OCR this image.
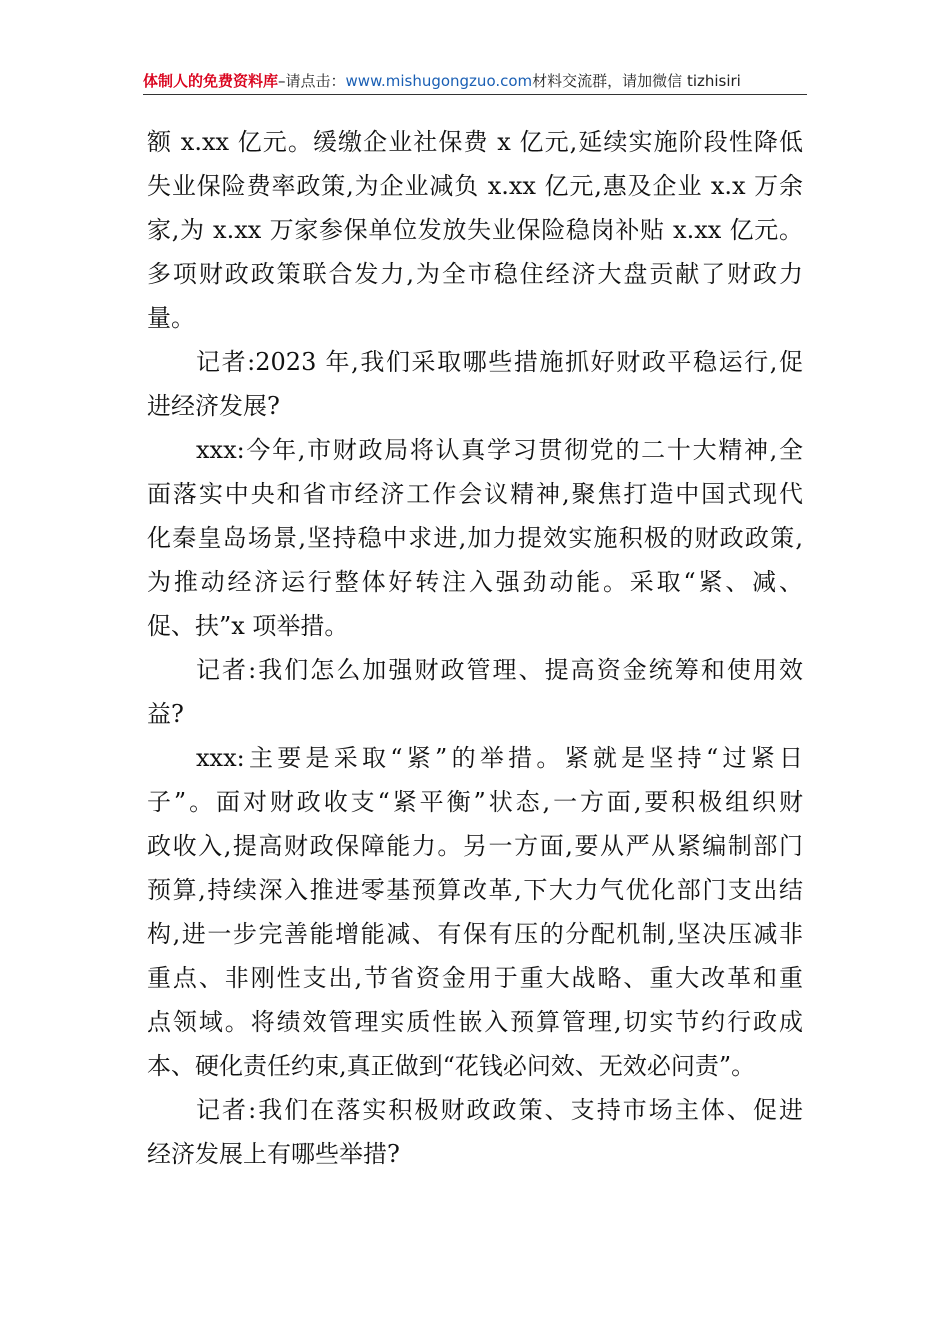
体制人的免费资料库–请点击：www.mishugongzuo.com材料交流群，请加微信 tizhisiri
额 x.xx 亿元。缓缴企业社保费 x 亿元,延续实施阶段性降低
失业保险费率政策,为企业减负 x.xx 亿元,惠及企业 x.x 万余
家,为 x.xx 万家参保单位发放失业保险稳岗补贴 x.xx 亿元。
多项财政政策联合发力,为全市稳住经济大盘贡献了财政力
量。
记者:2023 年,我们采取哪些措施抓好财政平稳运行,促
进经济发展?
xxx:今年,市财政局将认真学习贯彻党的二十大精神,全
面落实中央和省市经济工作会议精神,聚焦打造中国式现代
化秦皇岛场景,坚持稳中求进,加力提效实施积极的财政政策,
为推动经济运行整体好转注入强劲动能。采取“紧、减、
促、扶”x 项举措。
记者:我们怎么加强财政管理、提高资金统筹和使用效
益?
xxx:主要是采取“紧”的举措。紧就是坚持“过紧日
子”。面对财政收支“紧平衡”状态,一方面,要积极组织财
政收入,提高财政保障能力。另一方面,要从严从紧编制部门
预算,持续深入推进零基预算改革,下大力气优化部门支出结
构,进一步完善能增能减、有保有压的分配机制,坚决压减非
重点、非刚性支出,节省资金用于重大战略、重大改革和重
点领域。将绩效管理实质性嵌入预算管理,切实节约行政成
本、硬化责任约束,真正做到“花钱必问效、无效必问责”。
记者:我们在落实积极财政政策、支持市场主体、促进
经济发展上有哪些举措?
